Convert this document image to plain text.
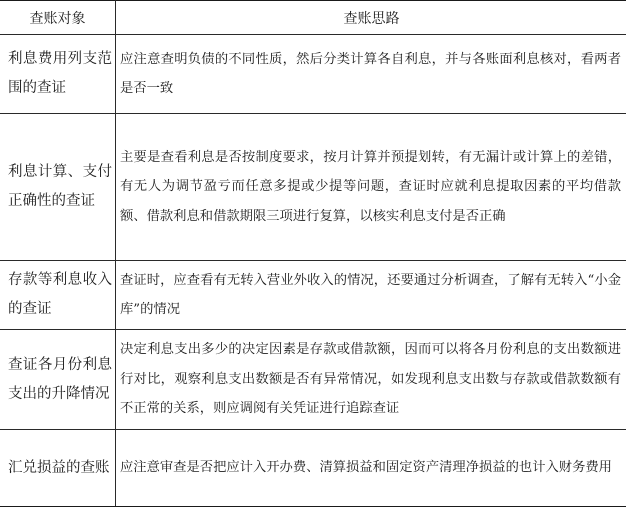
查账对象	查账思路
利息费用列支范围的查证	应注意查明负债的不同性质，然后分类计算各自利息，并与各账面利息核对，看两者是否一致
利息计算、支付正确性的查证	主要是查看利息是否按制度要求，按月计算并预提划转，有无漏计或计算上的差错，有无人为调节盈亏而任意多提或少提等问题，查证时应就利息提取因素的平均借款额、借款利息和借款期限三项进行复算，以核实利息支付是否正确
存款等利息收入的查证	查证时，应查看有无转入营业外收入的情况，还要通过分析调查，了解有无转入“小金库”的情况
查证各月份利息支出的升降情况	决定利息支出多少的决定因素是存款或借款额，因而可以将各月份利息的支出数额进行对比，观察利息支出数额是否有异常情况，如发现利息支出数与存款或借款数额有不正常的关系，则应调阅有关凭证进行追踪查证
汇兑损益的查账	应注意审查是否把应计入开办费、清算损益和固定资产清理净损益的也计入财务费用
